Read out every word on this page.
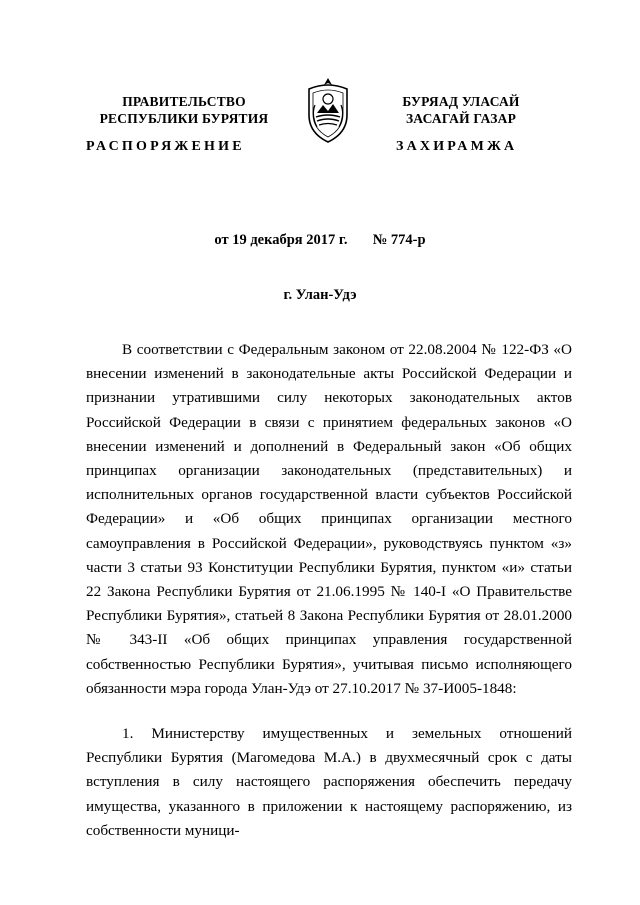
ПРАВИТЕЛЬСТВО
РЕСПУБЛИКИ БУРЯТИЯ
БУРЯАД УЛАСАЙ
ЗАСАГАЙ ГАЗАР
РАСПОРЯЖЕНИЕ	ЗАХИРАМЖА
от 19 декабря 2017 г. № 774-р
г. Улан-Удэ
В соответствии с Федеральным законом от 22.08.2004 № 122-ФЗ «О внесении изменений в законодательные акты Российской Федерации и признании утратившими силу некоторых законодательных актов Российской Федерации в связи с принятием федеральных законов «О внесении изменений и дополнений в Федеральный закон «Об общих принципах организации законодательных (представительных) и исполнительных органов государственной власти субъектов Российской Федерации» и «Об общих принципах организации местного самоуправления в Российской Федерации», руководствуясь пунктом «з» части 3 статьи 93 Конституции Республики Бурятия, пунктом «и» статьи 22 Закона Республики Бурятия от 21.06.1995 № 140-I «О Правительстве Республики Бурятия», статьей 8 Закона Республики Бурятия от 28.01.2000 № 343-II «Об общих принципах управления государственной собственностью Республики Бурятия», учитывая письмо исполняющего обязанности мэра города Улан-Удэ от 27.10.2017 № 37-И005-1848:
1. Министерству имущественных и земельных отношений Республики Бурятия (Магомедова М.А.) в двухмесячный срок с даты вступления в силу настоящего распоряжения обеспечить передачу имущества, указанного в приложении к настоящему распоряжению, из собственности муници-
